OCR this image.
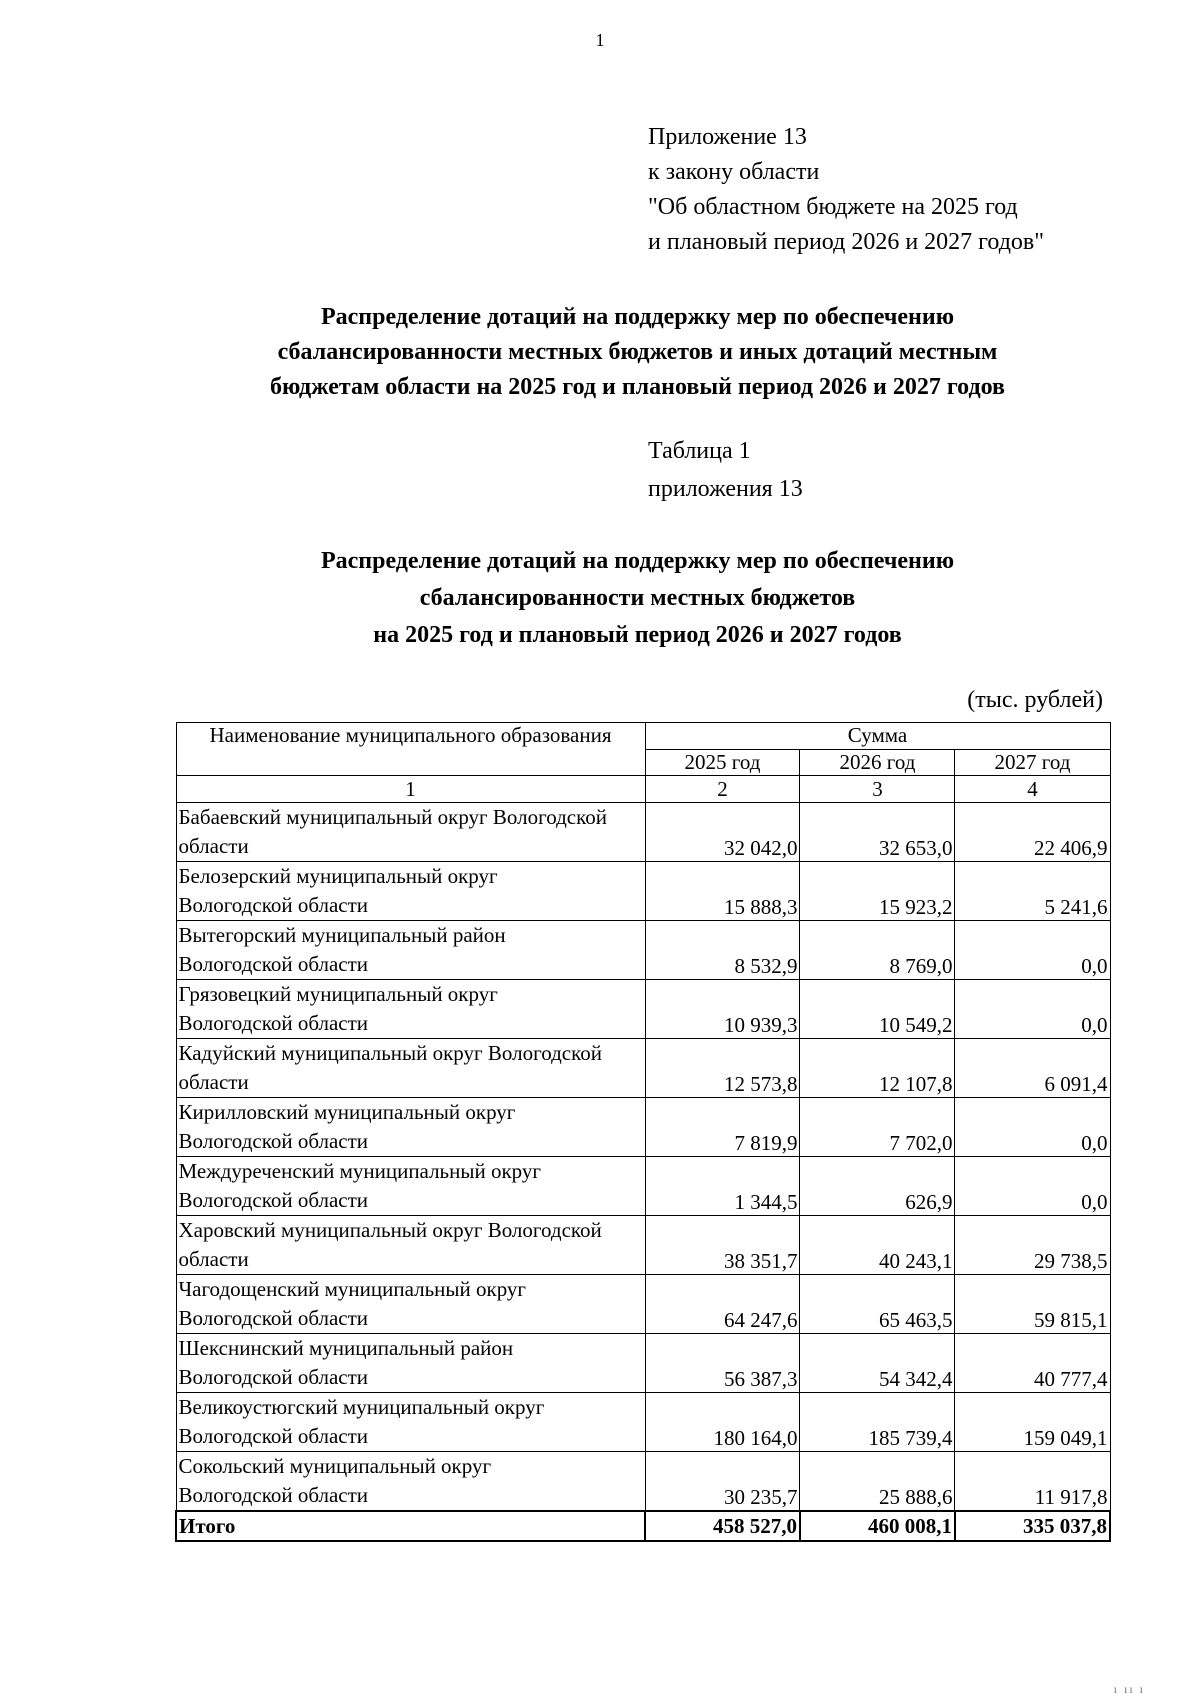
1
Приложение 13
к закону области
"Об областном бюджете на 2025 год
и плановый период 2026 и 2027 годов"
Распределение дотаций на поддержку мер по обеспечению
сбалансированности местных бюджетов и иных дотаций местным
бюджетам области на 2025 год и плановый период 2026 и 2027 годов
Таблица 1
приложения 13
Распределение дотаций на поддержку мер по обеспечению
сбалансированности местных бюджетов
на 2025 год и плановый период 2026 и 2027 годов
(тыс. рублей)
Наименование муниципального образования	Сумма		
	2025 год	2026 год	2027 год
1	2	3	4

Бабаевский муниципальный округ Вологодской
области	32 042,0	32 653,0	22 406,9

Белозерский муниципальный округ
Вологодской области	15 888,3	15 923,2	5 241,6

Вытегорский муниципальный район
Вологодской области	8 532,9	8 769,0	0,0

Грязовецкий муниципальный округ
Вологодской области	10 939,3	10 549,2	0,0

Кадуйский муниципальный округ Вологодской
области	12 573,8	12 107,8	6 091,4

Кирилловский муниципальный округ
Вологодской области	7 819,9	7 702,0	0,0

Междуреченский муниципальный округ
Вологодской области	1 344,5	626,9	0,0

Харовский муниципальный округ Вологодской
области	38 351,7	40 243,1	29 738,5

Чагодощенский муниципальный округ
Вологодской области	64 247,6	65 463,5	59 815,1

Шекснинский муниципальный район
Вологодской области	56 387,3	54 342,4	40 777,4

Великоустюгский муниципальный округ
Вологодской области	180 164,0	185 739,4	159 049,1

Сокольский муниципальный округ
Вологодской области	30 235,7	25 888,6	11 917,8
Итого	458 527,0	460 008,1	335 037,8
ı ıı ı
